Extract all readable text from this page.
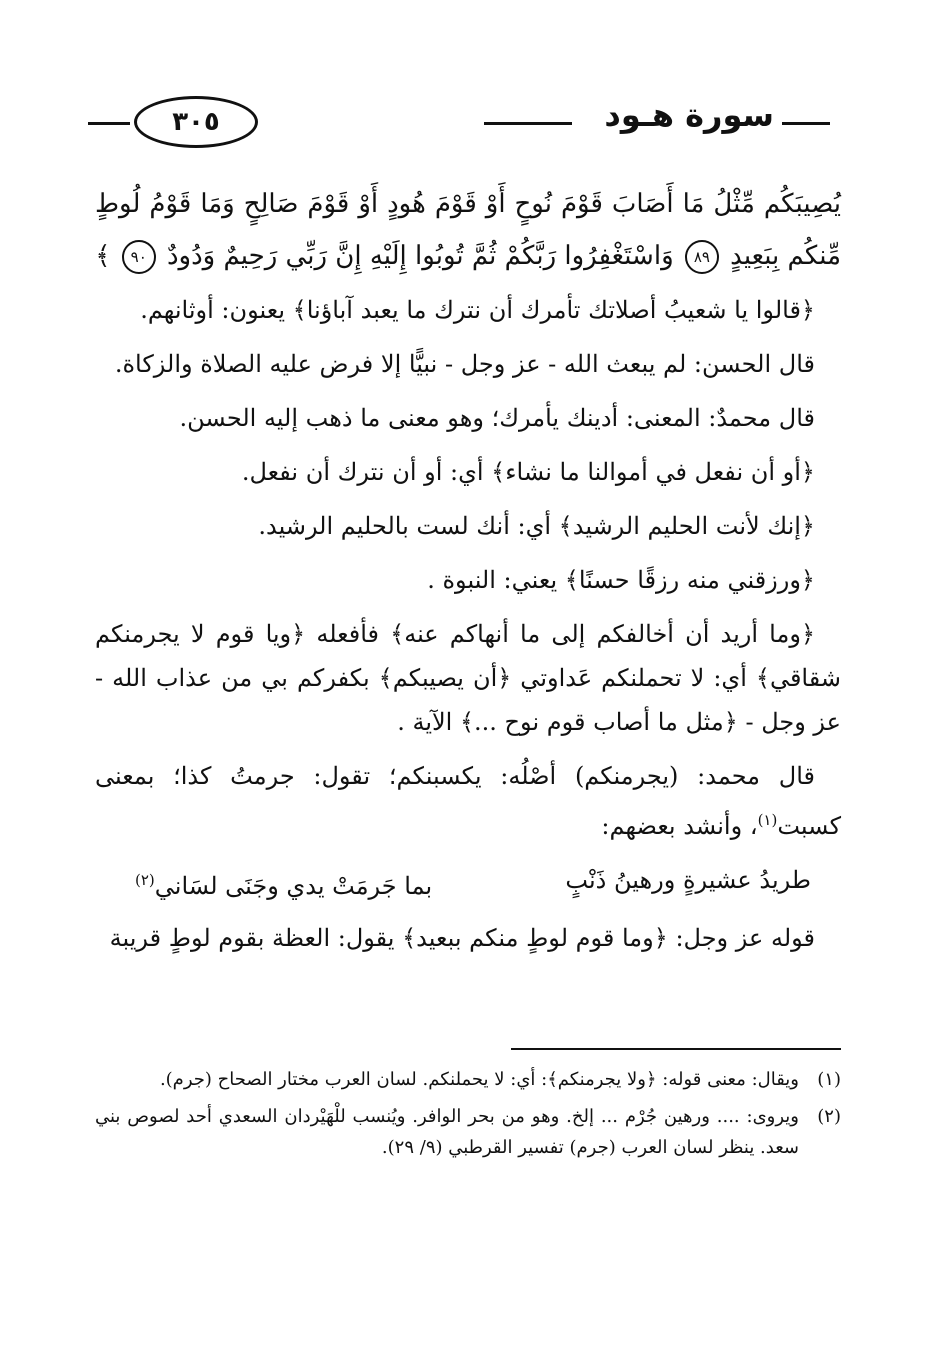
سورة هـود
٣٠٥
يُصِيبَكُم مِّثْلُ مَا أَصَابَ قَوْمَ نُوحٍ أَوْ قَوْمَ هُودٍ أَوْ قَوْمَ صَالِحٍ وَمَا قَوْمُ لُوطٍ مِّنكُم بِبَعِيدٍ ٨٩ وَاسْتَغْفِرُوا رَبَّكُمْ ثُمَّ تُوبُوا إِلَيْهِ إِنَّ رَبِّي رَحِيمٌ وَدُودٌ ٩٠ ﴾

﴿قالوا يا شعيبُ أصلاتك تأمرك أن نترك ما يعبد آباؤنا﴾ يعنون: أوثانهم.

قال الحسن: لم يبعث الله - عز وجل - نبيًّا إلا فرض عليه الصلاة والزكاة.

قال محمدٌ: المعنى: أدينك يأمرك؛ وهو معنى ما ذهب إليه الحسن.

﴿أو أن نفعل في أموالنا ما نشاء﴾ أي: أو أن نترك أن نفعل.

﴿إنك لأنت الحليم الرشيد﴾ أي: أنك لست بالحليم الرشيد.

﴿ورزقني منه رزقًا حسنًا﴾ يعني: النبوة .

﴿وما أريد أن أخالفكم إلى ما أنهاكم عنه﴾ فأفعله ﴿ويا قوم لا يجرمنكم شقاقي﴾ أي: لا تحملنكم عَداوتي ﴿أن يصيبكم﴾ بكفركم بي من عذاب الله - عز وجل - ﴿مثل ما أصاب قوم نوح ...﴾ الآية .

قال محمد: (يجرمنكم) أصْلُه: يكسبنكم؛ تقول: جرمتُ كذا؛ بمعنى كسبت$^{(١)}$، وأنشد بعضهم:

طريدُ عشيرةٍ ورهينُ ذَنْبٍ
بما جَرمَتْ يدي وجَنَى لسَاني$^{(٢)}$

قوله عز وجل: ﴿وما قوم لوطٍ منكم ببعيد﴾ يقول: العظة بقوم لوطٍ قريبة

(١)
ويقال: معنى قوله: ﴿ولا يجرمنكم﴾: أي: لا يحملنكم. لسان العرب مختار الصحاح (جرم).
(٢)
ويروى: .... ورهين جُرْم ... إلخ. وهو من بحر الوافر. ويُنسب للْهَيْردان السعدي أحد لصوص بني سعد. ينظر لسان العرب (جرم) تفسير القرطبي (٩/ ٢٩).
